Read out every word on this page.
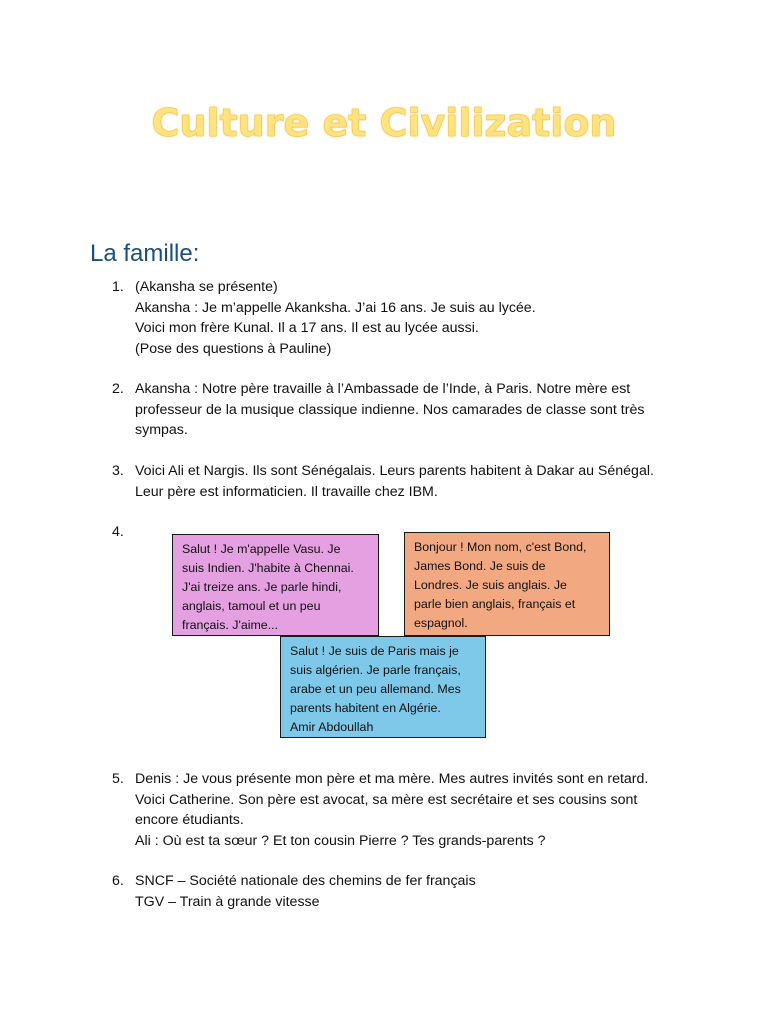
Culture et Civilization
La famille:
1. (Akansha se présente)
Akansha : Je m’appelle Akanksha. J’ai 16 ans. Je suis au lycée.
Voici mon frère Kunal. Il a 17 ans. Il est au lycée aussi.
(Pose des questions à Pauline)
2. Akansha : Notre père travaille à l’Ambassade de l’Inde, à Paris. Notre mère est
professeur de la musique classique indienne. Nos camarades de classe sont très
sympas.
3. Voici Ali et Nargis. Ils sont Sénégalais. Leurs parents habitent à Dakar au Sénégal.
Leur père est informaticien. Il travaille chez IBM.
4.
Salut ! Je m'appelle Vasu. Je
suis Indien. J'habite à Chennai.
J'ai treize ans. Je parle hindi,
anglais, tamoul et un peu
français. J'aime...
Bonjour ! Mon nom, c'est Bond,
James Bond. Je suis de
Londres. Je suis anglais. Je
parle bien anglais, français et
espagnol.
Salut ! Je suis de Paris mais je
suis algérien. Je parle français,
arabe et un peu allemand. Mes
parents habitent en Algérie.
Amir Abdoullah
5. Denis : Je vous présente mon père et ma mère. Mes autres invités sont en retard.
Voici Catherine. Son père est avocat, sa mère est secrétaire et ses cousins sont
encore étudiants.
Ali : Où est ta sœur ? Et ton cousin Pierre ? Tes grands-parents ?
6. SNCF – Société nationale des chemins de fer français
TGV – Train à grande vitesse
